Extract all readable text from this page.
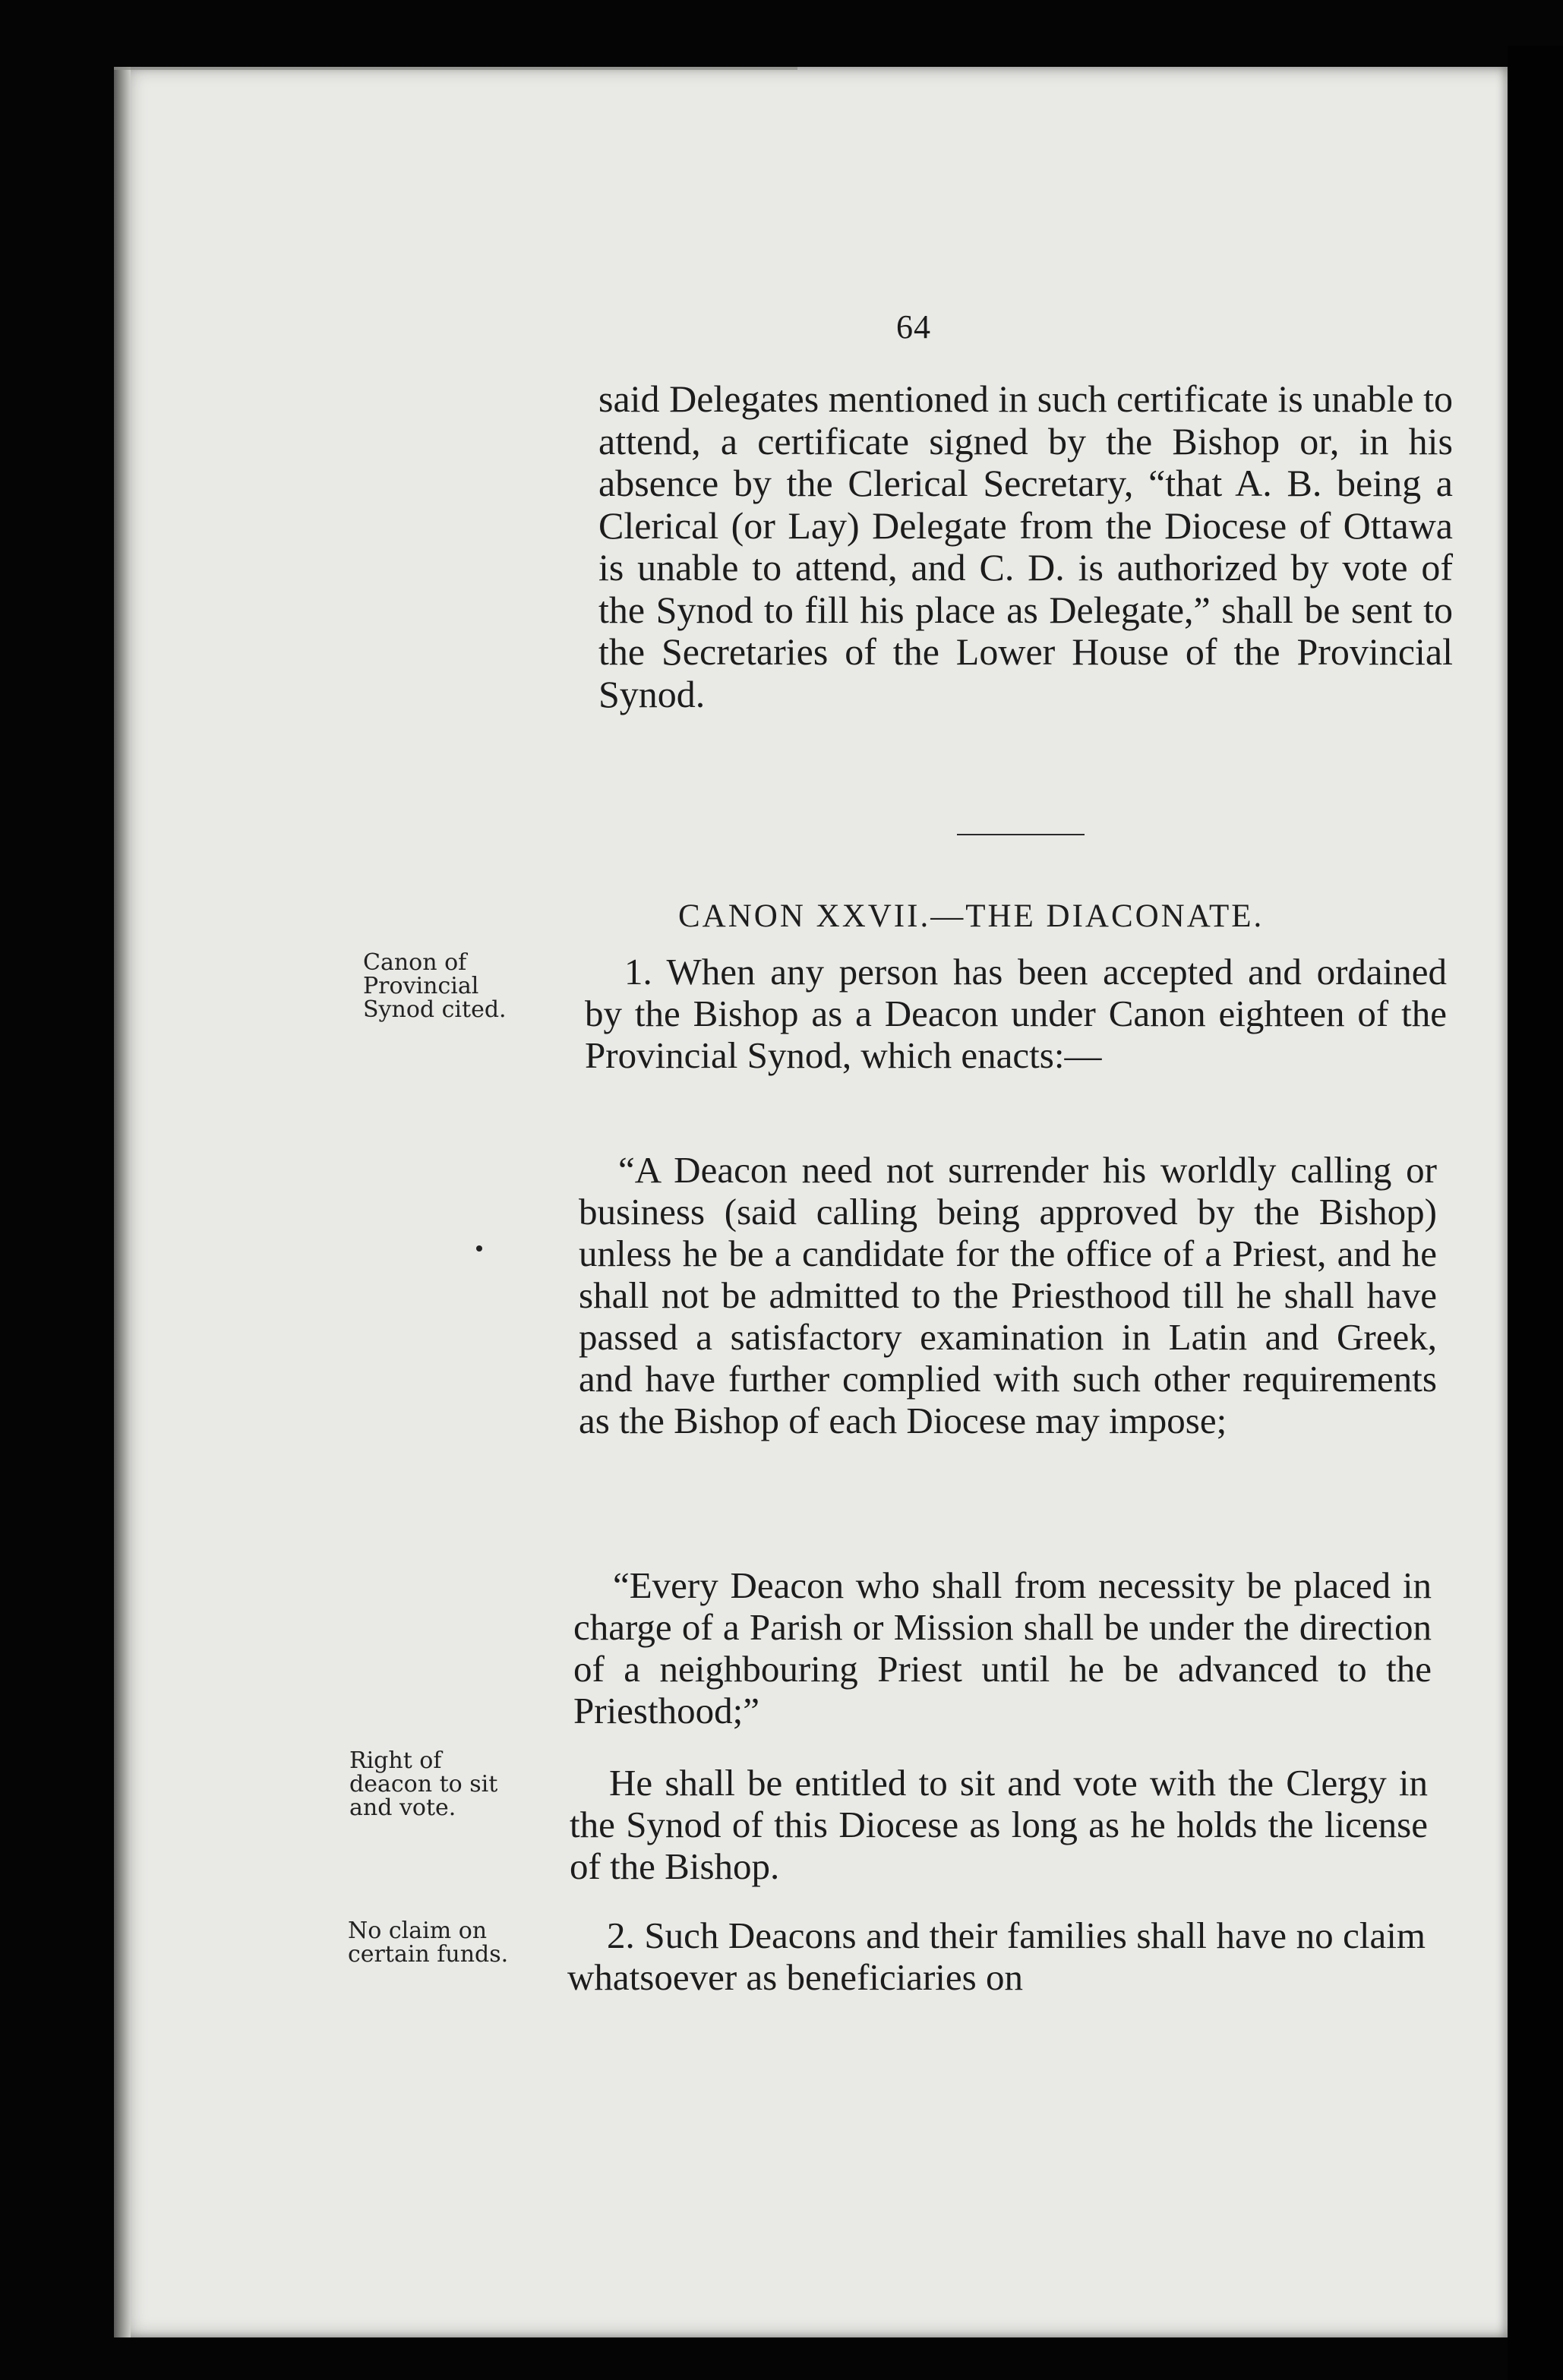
64

said Delegates mentioned in such certificate is unable to attend, a certificate signed by the Bishop or, in his absence by the Clerical Secretary, “that A. B. being a Clerical (or Lay) Delegate from the Diocese of Ottawa is unable to attend, and C. D. is authorized by vote of the Synod to fill his place as Delegate,” shall be sent to the Secretaries of the Lower House of the Provincial Synod.

CANON XXVII.—THE DIACONATE.

Canon of
Provincial
Synod cited.

1. When any person has been accepted and ordained by the Bishop as a Deacon under Canon eighteen of the Provincial Synod, which enacts:—

“A Deacon need not surrender his worldly calling or business (said calling being approved by the Bishop) unless he be a candidate for the office of a Priest, and he shall not be admitted to the Priesthood till he shall have passed a satisfactory examination in Latin and Greek, and have further complied with such other requirements as the Bishop of each Diocese may impose;

“Every Deacon who shall from necessity be placed in charge of a Parish or Mission shall be under the direction of a neighbouring Priest until he be advanced to the Priesthood;”

Right of
deacon to sit
and vote.

He shall be entitled to sit and vote with the Clergy in the Synod of this Diocese as long as he holds the license of the Bishop.

No claim on
certain funds.	2. Such Deacons and their families shall have no claim whatsoever as beneficiaries on
